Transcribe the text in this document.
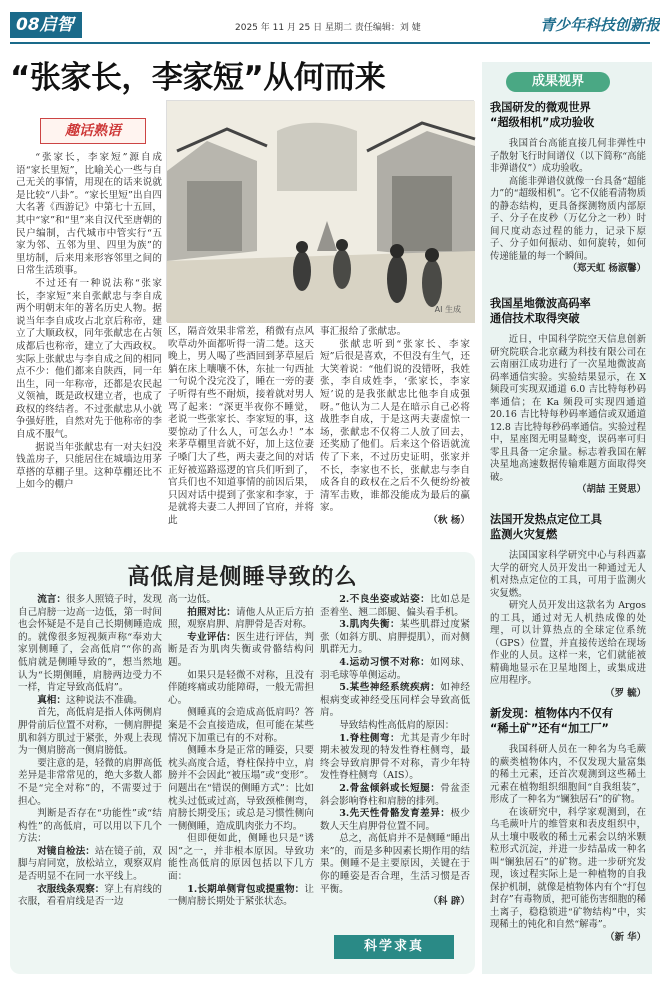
08启智	2025 年 11 月 25 日 星期二 责任编辑：刘 婕	青少年科技创新报
“张家长，李家短”从何而来
趣话熟语
AI 生成

“张家长，李家短”源自成语“家长里短”，比喻关心一些与自己无关的事情，用现在的话来说就是比较“八卦”。“家长里短”出自四大名著《西游记》中第七十五回，其中“家”和“里”来自汉代至唐朝的民户编制，古代城市中管实行“五家为邻、五邻为里、四里为族”的里坊制，后来用来形容邻里之间的日常生活琐事。

不过还有一种说法称“张家长，李家短”来自张献忠与李自成两个明朝末年的著名历史人物。据说当年李自成攻占北京后称帝，建立了大顺政权，同年张献忠在占领成都后也称帝，建立了大西政权。实际上张献忠与李自成之间的相同点不少：他们都来自陕西，同一年出生，同一年称帝，还都是农民起义领袖，既是政权建立者，也成了政权的终结者。不过张献忠从小就争强好胜，自然对先于他称帝的李自成不服气。

据说当年张献忠有一对夫妇没钱盖房子，只能居住在城墙边用茅草搭的草棚子里。这种草棚还比不上如今的棚户

区，隔音效果非常差，稍微有点风吹草动外面都听得一清二楚。这天晚上，男人喝了些酒回到茅草屋后躺在床上嚷嚷不休，东扯一句西扯一句说个没完没了，睡在一旁的妻子听得有些不耐烦，接着就对男人骂了起来：“深更半夜你不睡觉，老说一些张家长、李家短的事，这要惊动了什么人，可怎么办！”本来茅草棚里音就不好，加上这位妻子嗓门大了些，两夫妻之间的对话正好被巡路巡逻的官兵们听到了，官兵们也不知道事情的前因后果，只因对话中提到了张家和李家，于是就将夫妻二人押回了官府，并将此

事汇报给了张献忠。

张献忠听到“张家长、李家短”后很是喜欢，不但没有生气，还大笑着说：“他们说的没错呀，我姓张，李自成姓李，‘张家长，李家短’说的是我张献忠比他李自成强呀。”他认为二人是在暗示自己必将战胜李自成，于是这两夫妻虚惊一场，张献忠不仅将二人放了回去，还奖励了他们。后来这个俗语就流传了下来，不过历史证明，张家并不长，李家也不长，张献忠与李自成各自的政权在之后不久便纷纷被清军击败，谁都没能成为最后的赢家。

（秋 杨）

高低肩是侧睡导致的么

流言：很多人照镜子时，发现自己肩膀一边高一边低，第一时间也会怀疑是不是自己长期侧睡造成的。就像很多短视频声称“奉劝大家别侧睡了，会高低肩”“你的高低肩就是侧睡导致的”，想当然地认为“长期侧睡，肩膀两边受力不一样，肯定导致高低肩”。

真相：这种说法不准确。

首先，高低肩是指人体两侧肩胛骨前后位置不对称，一侧肩胛提肌和斜方肌过于紧张，外观上表现为一侧肩膀高一侧肩膀低。

要注意的是，轻微的肩胛高低差异是非常常见的，绝大多数人都不是“完全对称”的，不需要过于担心。

判断是否存在“功能性”或“结构性”的高低肩，可以用以下几个方法：

对镜自检法：站在镜子前，双脚与肩同宽，放松站立，观察双肩是否明显不在同一水平线上。

衣服线条观察：穿上有肩线的衣服，看看肩线是否一边

高一边低。

拍照对比：请他人从正后方拍照，观察肩胛、肩胛骨是否对称。

专业评估：医生进行评估，判断是否为肌肉失衡或骨骼结构问题。

如果只是轻微不对称，且没有伴随疼痛或功能障碍，一般无需担心。

侧睡真的会造成高低肩吗？答案是不会直接造成，但可能在某些情况下加重已有的不对称。

侧睡本身是正常的睡姿，只要枕头高度合适，脊柱保持中立，肩膀并不会因此“被压塌”或“变形”。问题出在“错误的侧睡方式”：比如枕头过低或过高，导致颈椎侧弯，肩膀长期受压；或总是习惯性侧向一侧侧睡，造成肌肉张力不均。

但即便如此，侧睡也只是“诱因”之一，并非根本原因。导致功能性高低肩的原因包括以下几方面：

1.长期单侧背包或提重物：让一侧肩膀长期处于紧张状态。

2.不良坐姿或站姿：比如总是歪着坐、翘二郎腿、偏头看手机。

3.肌肉失衡：某些肌群过度紧张（如斜方肌、肩胛提肌），而对侧肌群无力。

4.运动习惯不对称：如网球、羽毛球等单侧运动。

5.某些神经系统疾病：如神经根病变或神经受压同样会导致高低肩。

导致结构性高低肩的原因：

1.脊柱侧弯：尤其是青少年时期未被发现的特发性脊柱侧弯，最终会导致肩胛骨不对称，青少年特发性脊柱侧弯（AIS）。

2.骨盆倾斜或长短腿：骨盆歪斜会影响脊柱和肩膀的排列。

3.先天性骨骼发育差异：极少数人天生肩胛骨位置不同。

总之，高低肩并不是侧睡“睡出来”的，而是多种因素长期作用的结果。侧睡不是主要原因，关键在于你的睡姿是否合理，生活习惯是否平衡。

（科 辟）

科学求真
成果视界
我国研发的微观世界
“超级相机”成功验收

我国首台高能直接几何非弹性中子散射飞行时间谱仪（以下简称“高能非弹谱仪”）成功验收。

高能非弹谱仪就像一台具备“超能力”的“超级相机”。它不仅能看清物质的静态结构，更具备探测物质内部原子、分子在皮秒（万亿分之一秒）时间尺度动态过程的能力，记录下原子、分子如何振动、如何旋转，如何传递能量的每一个瞬间。

（郑天虹 杨淑馨）

我国星地微波高码率
通信技术取得突破

近日，中国科学院空天信息创新研究院联合北京藏为科技有限公司在云南丽江成功进行了一次星地微波高码率通信实验。实验结果显示，在 X 频段可实现双通道 6.0 吉比特每秒码率通信；在 Ka 频段可实现四通道 20.16 吉比特每秒码率通信或双通道 12.8 吉比特每秒码率通信。实验过程中，星座图无明显畸变，误码率可归零且具备一定余量。标志着我国在解决星地高速数据传输难题方面取得突破。

（胡喆 王贤思）

法国开发热点定位工具
监测火灾复燃

法国国家科学研究中心与科西嘉大学的研究人员开发出一种通过无人机对热点定位的工具，可用于监测火灾复燃。

研究人员开发出这款名为 Argos 的工具，通过对无人机热成像的处理，可以计算热点的全球定位系统（GPS）位置，并直接传送给在现场作业的人员。这样一来，它们就能被精确地显示在卫星地图上，或集成进应用程序。

（罗 毓）

新发现：植物体内不仅有
“稀土矿”还有“加工厂”

我国科研人员在一种名为乌毛蕨的蕨类植物体内，不仅发现大量富集的稀土元素，还首次观测到这些稀土元素在植物组织细胞间“自我组装”，形成了一种名为“镧独居石”的矿物。

在该研究中，科学家观测到，在乌毛蕨叶片的维管束和表皮组织中，从土壤中吸收的稀土元素会以纳米颗粒形式沉淀，并进一步结晶成一种名叫“镧独居石”的矿物。进一步研究发现，该过程实际上是一种植物的自我保护机制，就像是植物体内有个“打包封存”有毒物质，把可能伤害细胞的稀土离子，稳稳锁进“矿物结构”中，实现稀土的钝化和自然“解毒”。

（新 华）
